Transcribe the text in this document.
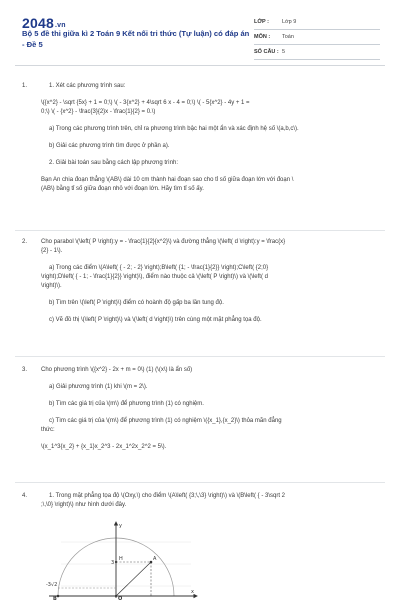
2048.vn
Bộ 5 đề thi giữa kì 2 Toán 9 Kết nối tri thức (Tự luận) có đáp án - Đề 5
LỚP :	Lớp 9
MÔN :	Toán
SỐ CÂU : 5
1.	1. Xét các phương trình sau:

\({x^2} - \sqrt {5x} + 1 = 0;\) \( - 3{x^2} + 4\sqrt 6 x - 4 = 0;\) \( - 5{x^2} - 4y + 1 =

0;\) \( - {x^2} - \frac{3}{2}x - \frac{1}{2} = 0.\)

a) Trong các phương trình trên, chỉ ra phương trình bậc hai một ẩn và xác định hệ số \(a,b,c\).

b) Giải các phương trình tìm được ở phần a).

2. Giải bài toán sau bằng cách lập phương trình:

Bạn An chia đoạn thẳng \(AB\) dài 10 cm thành hai đoạn sao cho tỉ số giữa đoạn lớn với đoạn \

(AB\) bằng tỉ số giữa đoạn nhỏ với đoạn lớn. Hãy tìm tỉ số ấy.

2. Cho parabol \(\left( P \right):y = - \frac{1}{2}{x^2}\) và đường thẳng \(\left( d \right):y = \frac{x}

{2} - 1\).

a) Trong các điểm \(A\left( { - 2; - 2} \right);B\left( {1; - \frac{1}{2}} \right);C\left( {2;0}

\right);D\left( { - 1; - \frac{1}{2}} \right)\), điểm nào thuộc cả \(\left( P \right)\) và \(\left( d

\right)\).

b) Tìm trên \(\left( P \right)\) điểm có hoành độ gấp ba lần tung độ.

c) Vẽ đồ thị \(\left( P \right)\) và \(\left( d \right)\) trên cùng một mặt phẳng tọa độ.

3. Cho phương trình \({x^2} - 2x + m = 0\) (1) (\(x\) là ẩn số)

a) Giải phương trình (1) khi \(m = 2\).

b) Tìm các giá trị của \(m\) để phương trình (1) có nghiệm.

c) Tìm các giá trị của \(m\) để phương trình (1) có nghiệm \({x_1},{x_2}\) thỏa mãn đẳng

thức:

\(x_1^3{x_2} + {x_1}x_2^3 - 2x_1^2x_2^2 = 5\).

4.	1. Trong mặt phẳng tọa độ \(Oxy,\) cho điểm \(A\left( {3;\,\3} \right)\) và \(B\left( { - 3\sqrt 2

;\,\0} \right)\) như hình dưới đây.

y
x
A
H
3
-3√2
B	O
